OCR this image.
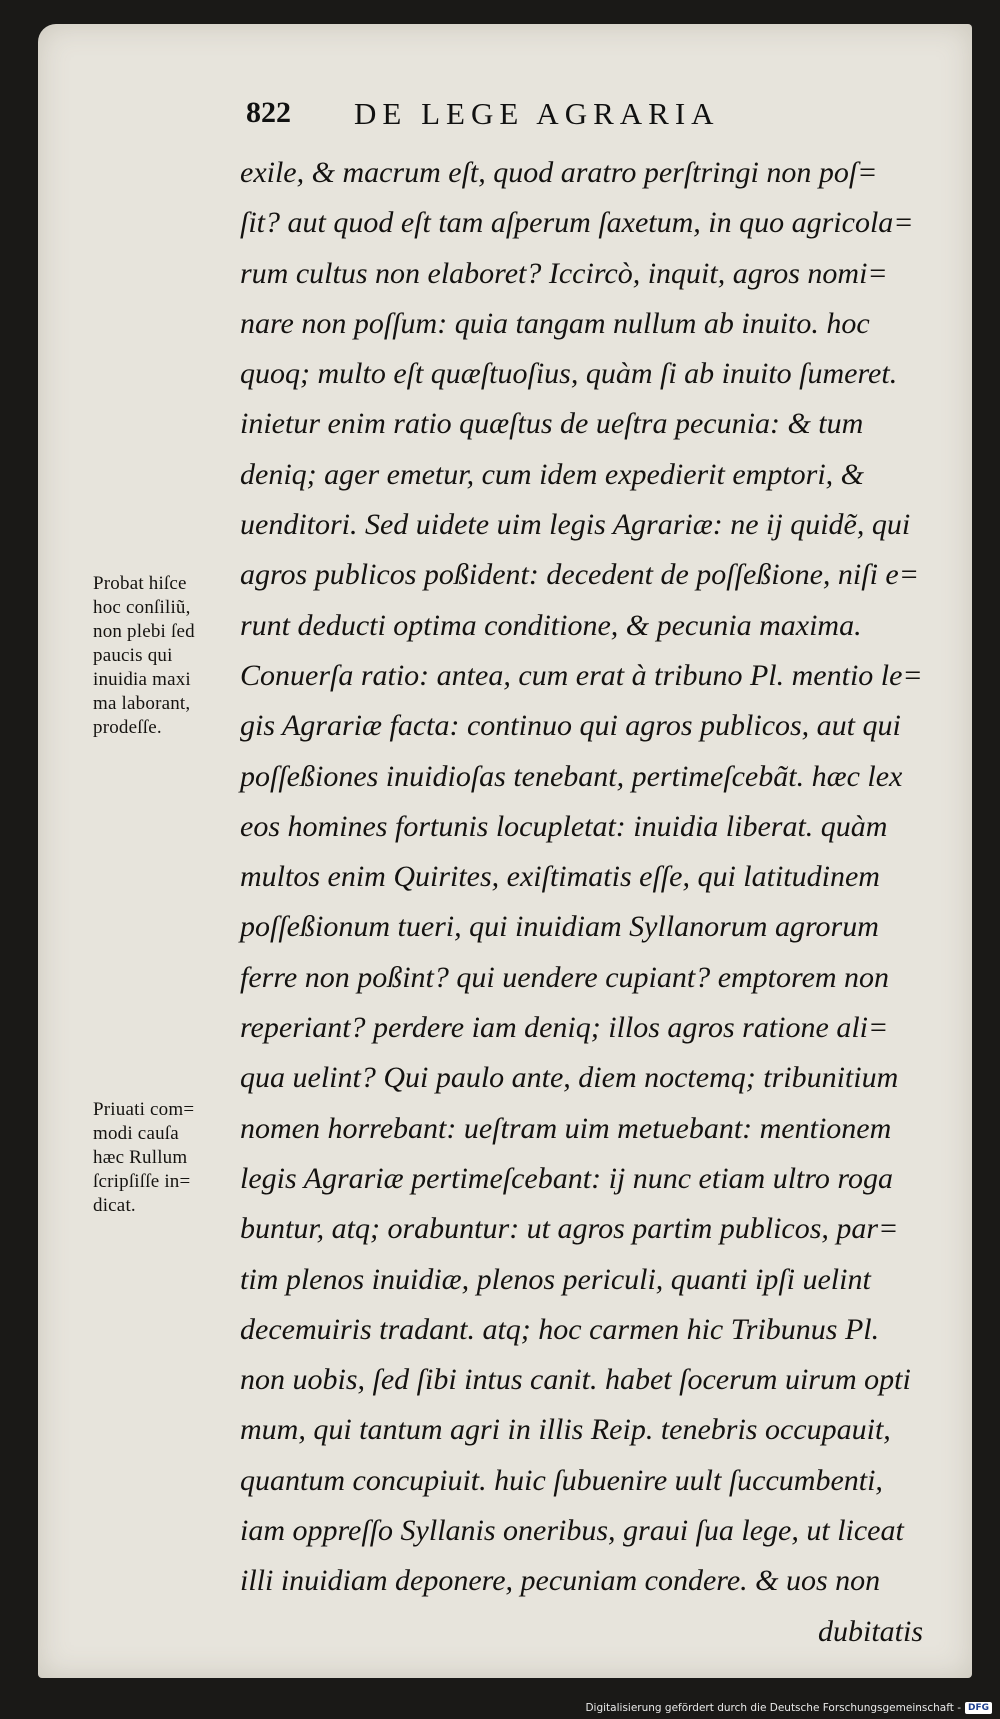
822 DE LEGE AGRARIA
exile, & macrum eſt, quod aratro perſtringi non poſ=
ſit? aut quod eſt tam aſperum ſaxetum, in quo agricola=
rum cultus non elaboret? Iccircò, inquit, agros nomi=
nare non poſſum: quia tangam nullum ab inuito. hoc
quoq; multo eſt quæſtuoſius, quàm ſi ab inuito ſumeret.
inietur enim ratio quæſtus de ueſtra pecunia: & tum
deniq; ager emetur, cum idem expedierit emptori, &
uenditori. Sed uidete uim legis Agrariæ: ne ij quidẽ, qui
agros publicos poßident: decedent de poſſeßione, niſi e=
runt deducti optima conditione, & pecunia maxima.
Conuerſa ratio: antea, cum erat à tribuno Pl. mentio le=
gis Agrariæ facta: continuo qui agros publicos, aut qui
poſſeßiones inuidioſas tenebant, pertimeſcebãt. hæc lex
eos homines fortunis locupletat: inuidia liberat. quàm
multos enim Quirites, exiſtimatis eſſe, qui latitudinem
poſſeßionum tueri, qui inuidiam Syllanorum agrorum
ferre non poßint? qui uendere cupiant? emptorem non
reperiant? perdere iam deniq; illos agros ratione ali=
qua uelint? Qui paulo ante, diem noctemq; tribunitium
nomen horrebant: ueſtram uim metuebant: mentionem
legis Agrariæ pertimeſcebant: ij nunc etiam ultro roga
buntur, atq; orabuntur: ut agros partim publicos, par=
tim plenos inuidiæ, plenos periculi, quanti ipſi uelint
decemuiris tradant. atq; hoc carmen hic Tribunus Pl.
non uobis, ſed ſibi intus canit. habet ſocerum uirum opti
mum, qui tantum agri in illis Reip. tenebris occupauit,
quantum concupiuit. huic ſubuenire uult ſuccumbenti,
iam oppreſſo Syllanis oneribus, graui ſua lege, ut liceat
illi inuidiam deponere, pecuniam condere. & uos non
dubitatis
Probat hiſce
hoc conſiliũ,
non plebi ſed
paucis qui
inuidia maxi
ma laborant,
prodeſſe.
Priuati com=
modi cauſa
hæc Rullum
ſcripſiſſe in=
dicat.
Digitalisierung gefördert durch die Deutsche Forschungsgemeinschaft - DFG
